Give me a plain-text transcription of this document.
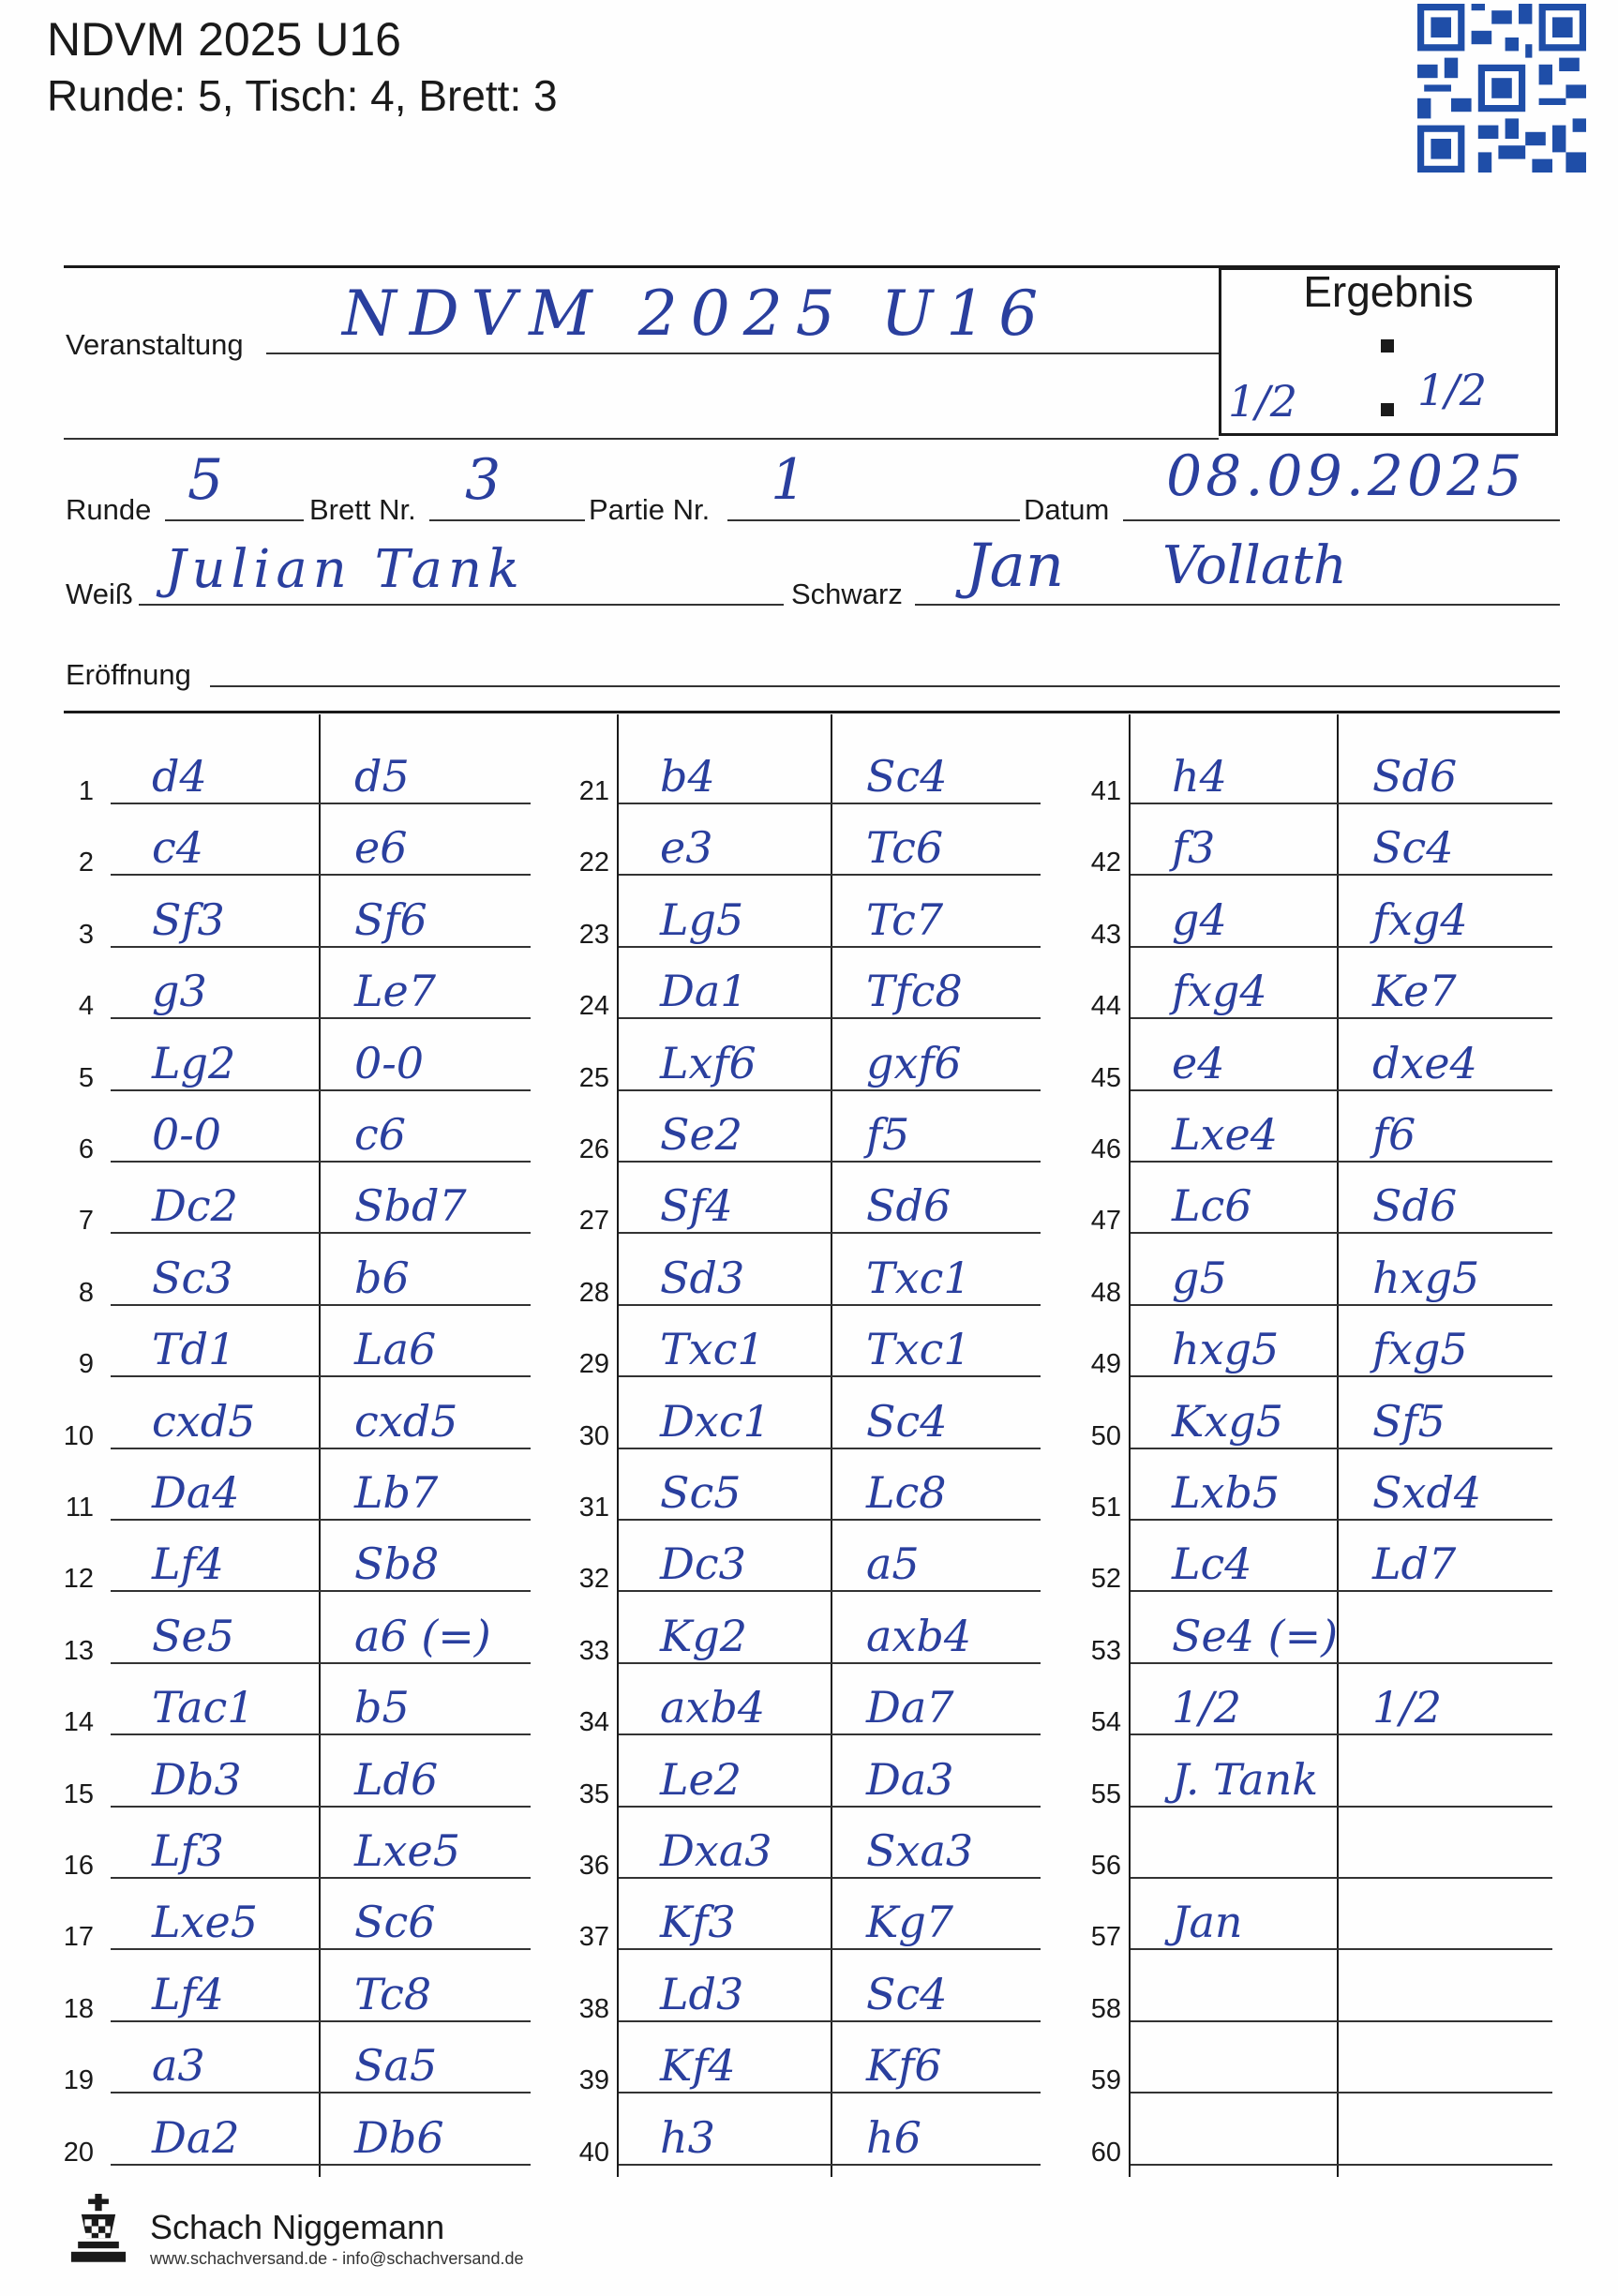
NDVM 2025 U16
Runde: 5, Tisch: 4, Brett: 3
Ergebnis
1/2	1/2
Veranstaltung NDVM 2025 U16
Runde 5	Brett Nr. 3	Partie Nr. 1	Datum
08.09.2025
Weiß Julian Tank	Schwarz Jan Vollath
Eröffnung
1 d4	d5
2 c4	e6
3 Sf3	Sf6
4 g3	Le7
5 Lg2	0-0
6 0-0	c6
7 Dc2	Sbd7
8 Sc3	b6
9 Td1	La6
10 cxd5 cxd5
11 Da4	Lb7
12 Lf4	Sb8
13 Se5	a6 (=)
14 Tac1 b5
15 Db3	Ld6
16 Lf3	Lxe5
17 Lxe5 Sc6
18 Lf4	Tc8
19 a3	Sa5
20 Da2	Db6
21 b4	Sc4
22 e3	Tc6
23 Lg5	Tc7
24 Da1	Tfc8
25 Lxf6	gxf6
26 Se2	f5
27 Sf4	Sd6
28 Sd3	Txc1
29 Txc1 Txc1
30 Dxc1 Sc4
31 Sc5	Lc8
32 Dc3	a5
33 Kg2	axb4
34 axb4 Da7
35 Le2	Da3
36 Dxa3 Sxa3
37 Kf3	Kg7
38 Ld3	Sc4
39 Kf4	Kf6
40 h3	h6
41 h4	Sd6
42 f3	Sc4
43 g4	fxg4
44 fxg4 Ke7
45 e4	dxe4
46 Lxe4 f6
47 Lc6	Sd6
48 g5	hxg5
49 hxg5 fxg5
50 Kxg5 Sf5
51 Lxb5 Sxd4
52 Lc4	Ld7
53 Se4 (=)
54 1/2	1/2
55 J. Tank
56
57 Jan
58
59
60
Schach Niggemann
www.schachversand.de - info@schachversand.de
